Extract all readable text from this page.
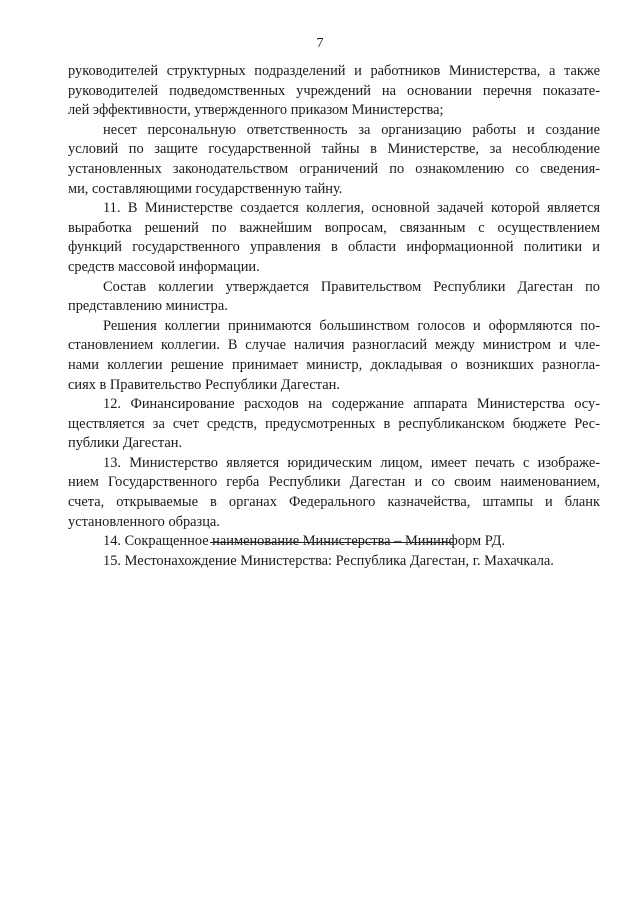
7
руководителей структурных подразделений и работников Министерства, а также
руководителей подведомственных учреждений на основании перечня показате-
лей эффективности, утвержденного приказом Министерства;
несет персональную ответственность за организацию работы и создание
условий по защите государственной тайны в Министерстве, за несоблюдение
установленных законодательством ограничений по ознакомлению со сведения-
ми, составляющими государственную тайну.
11. В Министерстве создается коллегия, основной задачей которой является
выработка решений по важнейшим вопросам, связанным с осуществлением
функций государственного управления в области информационной политики и
средств массовой информации.
Состав коллегии утверждается Правительством Республики Дагестан по
представлению министра.
Решения коллегии принимаются большинством голосов и оформляются по-
становлением коллегии. В случае наличия разногласий между министром и чле-
нами коллегии решение принимает министр, докладывая о возникших разногла-
сиях в Правительство Республики Дагестан.
12. Финансирование расходов на содержание аппарата Министерства осу-
ществляется за счет средств, предусмотренных в республиканском бюджете Рес-
публики Дагестан.
13. Министерство является юридическим лицом, имеет печать с изображе-
нием Государственного герба Республики Дагестан и со своим наименованием,
счета, открываемые в органах Федерального казначейства, штампы и бланк
установленного образца.
14. Сокращенное наименование Министерства – Мининформ РД.
15. Местонахождение Министерства: Республика Дагестан, г. Махачкала.
